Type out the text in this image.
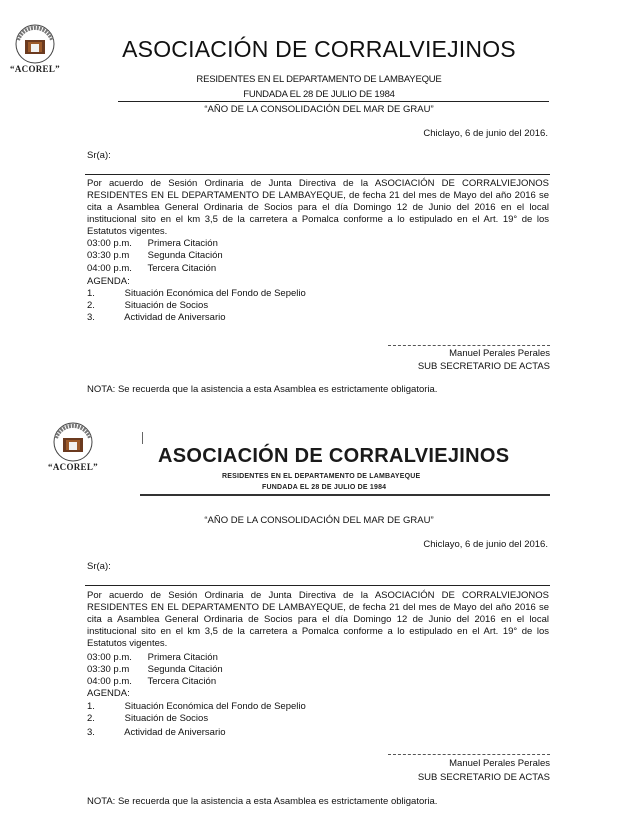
“ACOREL”
ASOCIACIÓN DE CORRALVIEJINOS
RESIDENTES EN EL DEPARTAMENTO DE LAMBAYEQUE
FUNDADA EL 28 DE JULIO DE 1984
“AÑO DE LA CONSOLIDACIÓN DEL MAR DE GRAU”
Chiclayo, 6 de junio del 2016.
Sr(a):
Por acuerdo de Sesión Ordinaria de Junta Directiva de la ASOCIACIÓN DE CORRALVIEJONOS RESIDENTES EN EL DEPARTAMENTO DE LAMBAYEQUE, de fecha 21 del mes de Mayo del año 2016 se cita a Asamblea General Ordinaria de Socios para el día Domingo 12 de Junio del 2016 en el local institucional sito en el km 3,5 de la carretera a Pomalca conforme a lo estipulado en el Art. 19° de los Estatutos vigentes.
03:00 p.m. Primera Citación
03:30 p.m Segunda Citación
04:00 p.m. Tercera Citación
AGENDA:
1.	Situación Económica del Fondo de Sepelio
2.	Situación de Socios
3.	Actividad de Aniversario
Manuel Perales Perales
SUB SECRETARIO DE ACTAS
NOTA: Se recuerda que la asistencia a esta Asamblea es estrictamente obligatoria.
“ACOREL”	ASOCIACIÓN DE CORRALVIEJINOS
RESIDENTES EN EL DEPARTAMENTO DE LAMBAYEQUE
FUNDADA EL 28 DE JULIO DE 1984
“AÑO DE LA CONSOLIDACIÓN DEL MAR DE GRAU”
Chiclayo, 6 de junio del 2016.
Sr(a):
Por acuerdo de Sesión Ordinaria de Junta Directiva de la ASOCIACIÓN DE CORRALVIEJONOS RESIDENTES EN EL DEPARTAMENTO DE LAMBAYEQUE, de fecha 21 del mes de Mayo del año 2016 se cita a Asamblea General Ordinaria de Socios para el día Domingo 12 de Junio del 2016 en el local institucional sito en el km 3,5 de la carretera a Pomalca conforme a lo estipulado en el Art. 19° de los Estatutos vigentes.
03:00 p.m. Primera Citación
03:30 p.m Segunda Citación
04:00 p.m. Tercera Citación
AGENDA:
1.	Situación Económica del Fondo de Sepelio
2.	Situación de Socios
3.	Actividad de Aniversario
Manuel Perales Perales
SUB SECRETARIO DE ACTAS
NOTA: Se recuerda que la asistencia a esta Asamblea es estrictamente obligatoria.
